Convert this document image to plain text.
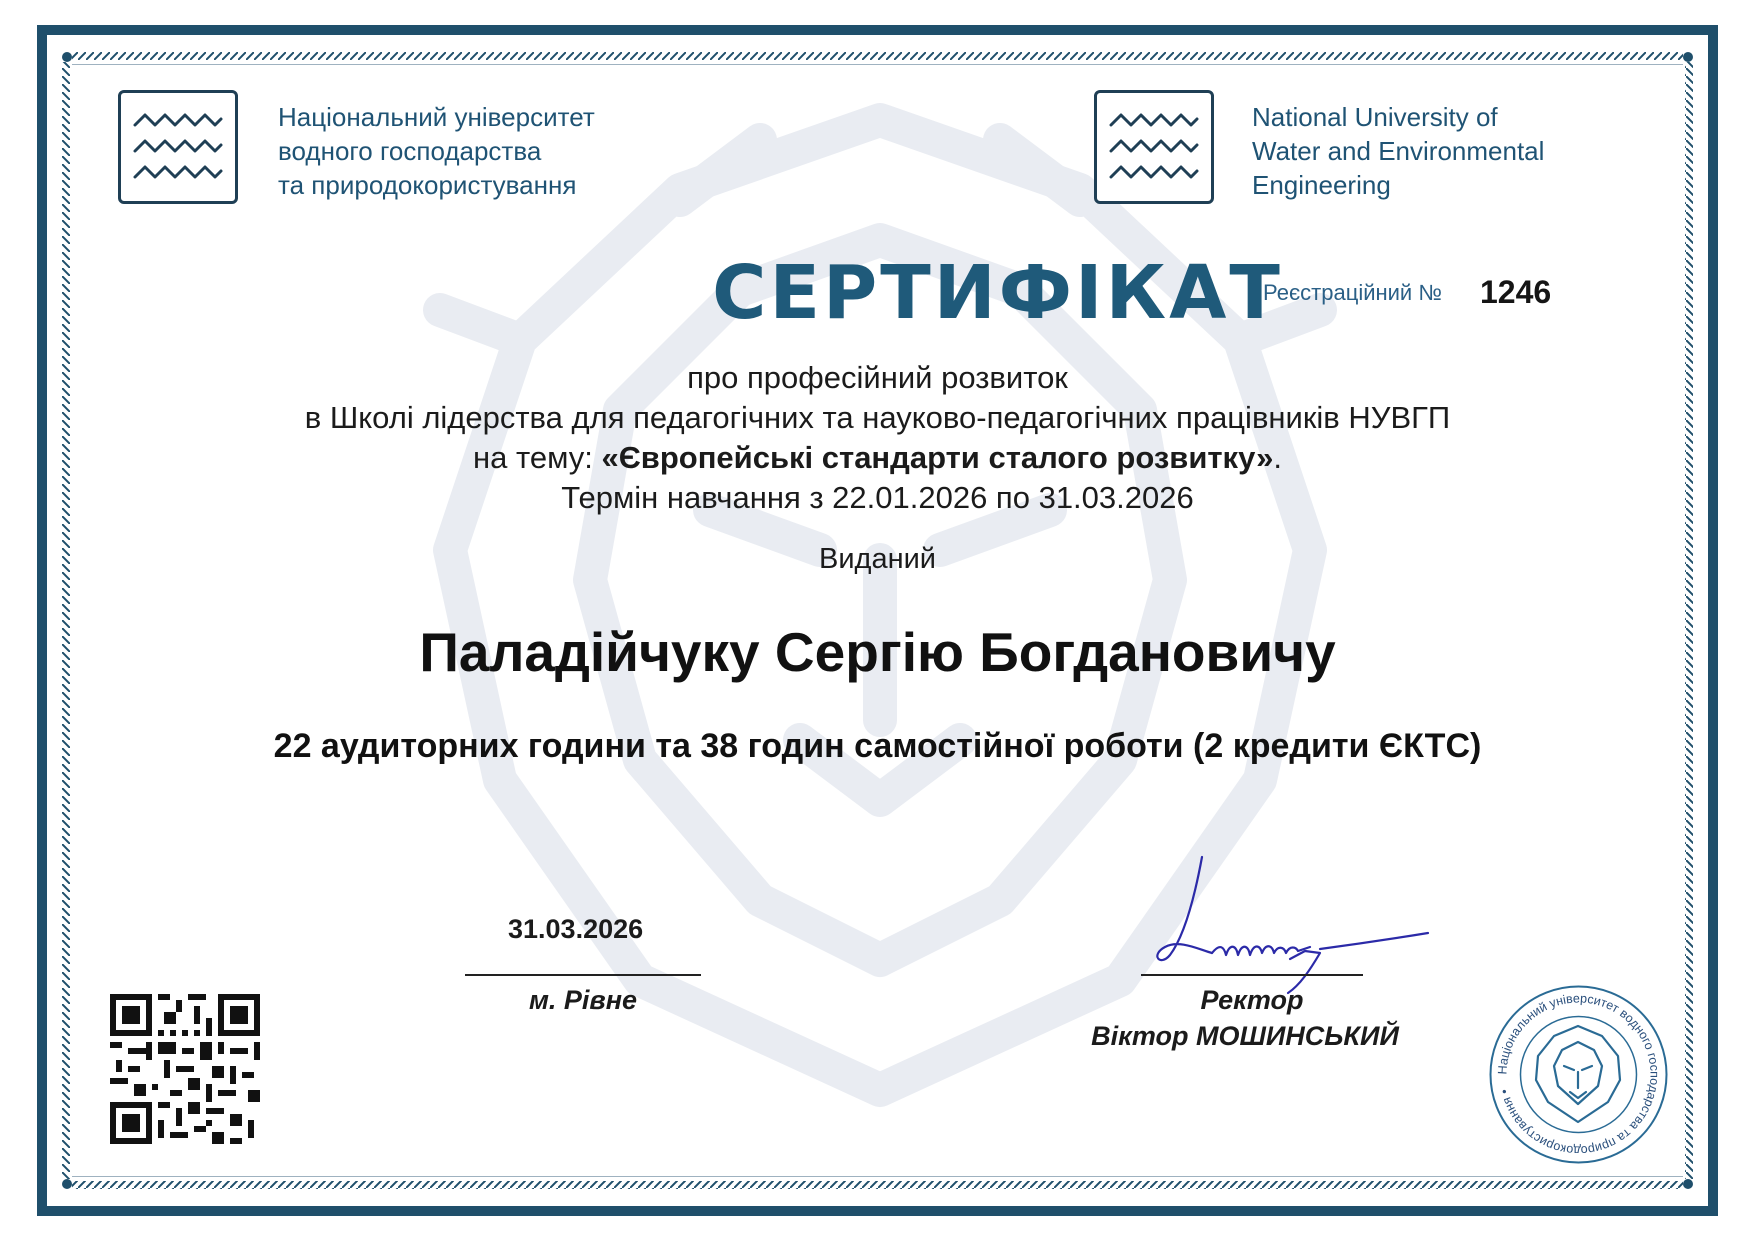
Національний університет
водного господарства
та природокористування
National University of
Water and Environmental
Engineering
СЕРТИФІКАТ
Реєстраційний № 1246
про професійний розвиток
в Школі лідерства для педагогічних та науково-педагогічних працівників НУВГП
на тему: «Європейські стандарти сталого розвитку».
Термін навчання з 22.01.2026 по 31.03.2026
Виданий
Паладійчуку Сергію Богдановичу
22 аудиторних години та 38 годин самостійної роботи (2 кредити ЄКТС)
31.03.2026
м. Рівне	Ректор
Віктор МОШИНСЬКИЙ
Національний університет водного господарства та природокористування •
